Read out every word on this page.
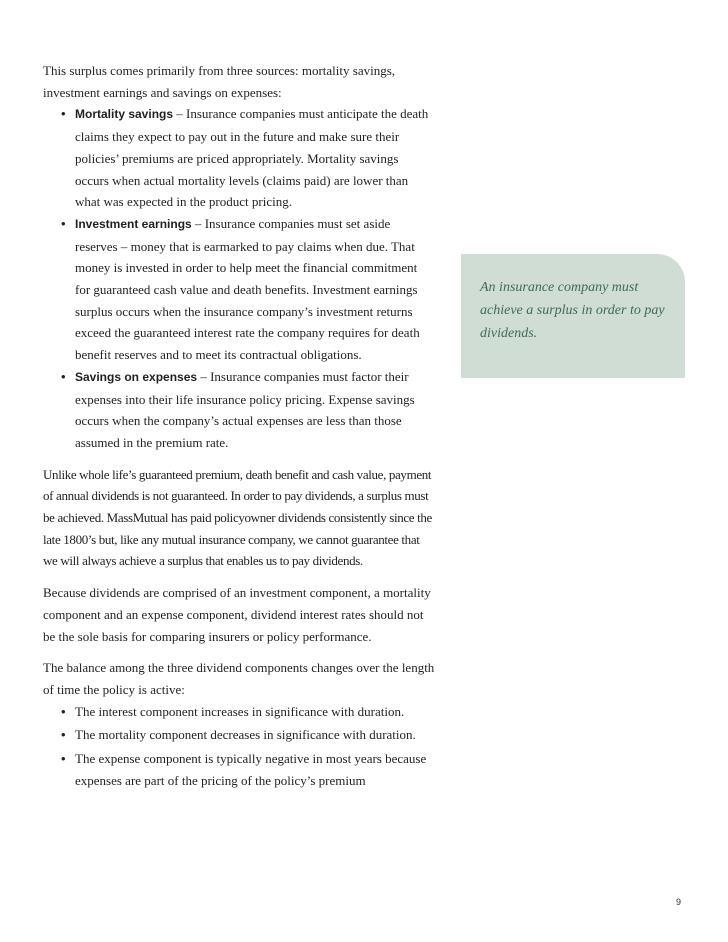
This surplus comes primarily from three sources: mortality savings, investment earnings and savings on expenses:

• Mortality savings – Insurance companies must anticipate the death claims they expect to pay out in the future and make sure their policies’ premiums are priced appropriately. Mortality savings occurs when actual mortality levels (claims paid) are lower than what was expected in the product pricing.
• Investment earnings – Insurance companies must set aside reserves – money that is earmarked to pay claims when due. That money is invested in order to help meet the financial commitment for guaranteed cash value and death benefits. Investment earnings surplus occurs when the insurance company’s investment returns exceed the guaranteed interest rate the company requires for death benefit reserves and to meet its contractual obligations.
• Savings on expenses – Insurance companies must factor their expenses into their life insurance policy pricing. Expense savings occurs when the company’s actual expenses are less than those assumed in the premium rate.

Unlike whole life’s guaranteed premium, death benefit and cash value, payment of annual dividends is not guaranteed. In order to pay dividends, a surplus must be achieved. MassMutual has paid policyowner dividends consistently since the late 1800’s but, like any mutual insurance company, we cannot guarantee that we will always achieve a surplus that enables us to pay dividends.

Because dividends are comprised of an investment component, a mortality component and an expense component, dividend interest rates should not be the sole basis for comparing insurers or policy performance.

The balance among the three dividend components changes over the length of time the policy is active:

• The interest component increases in significance with duration.
• The mortality component decreases in significance with duration.
• The expense component is typically negative in most years because expenses are part of the pricing of the policy’s premium

An insurance company must achieve a surplus in order to pay dividends.

9
